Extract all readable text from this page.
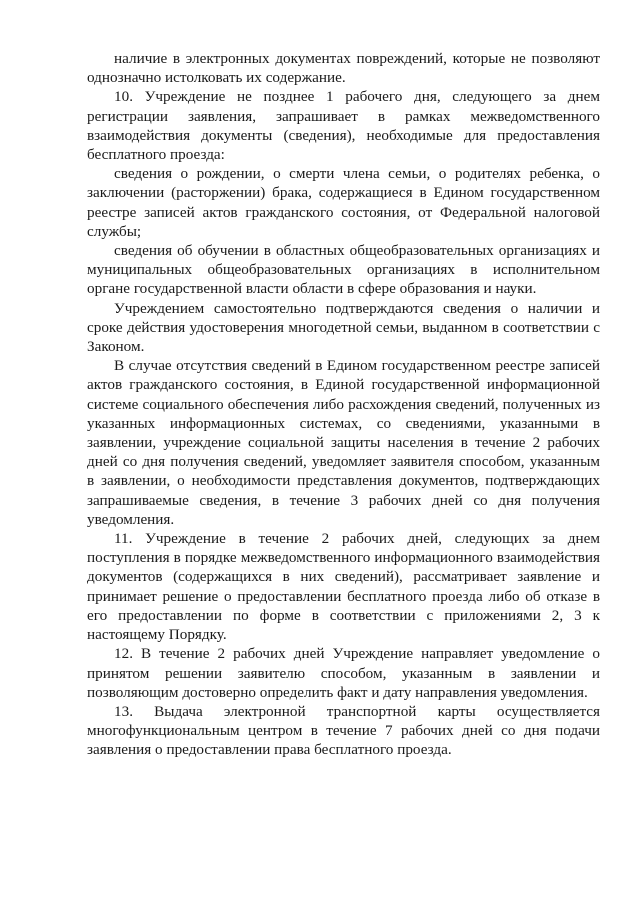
наличие в электронных документах повреждений, которые не позволяют однозначно истолковать их содержание.

10. Учреждение не позднее 1 рабочего дня, следующего за днем регистрации заявления, запрашивает в рамках межведомственного взаимодействия документы (сведения), необходимые для предоставления бесплатного проезда:

сведения о рождении, о смерти члена семьи, о родителях ребенка, о заключении (расторжении) брака, содержащиеся в Едином государственном реестре записей актов гражданского состояния, от Федеральной налоговой службы;

сведения об обучении в областных общеобразовательных организациях и муниципальных общеобразовательных организациях в исполнительном органе государственной власти области в сфере образования и науки.

Учреждением самостоятельно подтверждаются сведения о наличии и сроке действия удостоверения многодетной семьи, выданном в соответствии с Законом.

В случае отсутствия сведений в Едином государственном реестре записей актов гражданского состояния, в Единой государственной информационной системе социального обеспечения либо расхождения сведений, полученных из указанных информационных системах, со сведениями, указанными в заявлении, учреждение социальной защиты населения в течение 2 рабочих дней со дня получения сведений, уведомляет заявителя способом, указанным в заявлении, о необходимости представления документов, подтверждающих запрашиваемые сведения, в течение 3 рабочих дней со дня получения уведомления.

11. Учреждение в течение 2 рабочих дней, следующих за днем поступления в порядке межведомственного информационного взаимодействия документов (содержащихся в них сведений), рассматривает заявление и принимает решение о предоставлении бесплатного проезда либо об отказе в его предоставлении по форме в соответствии с приложениями 2, 3 к настоящему Порядку.

12. В течение 2 рабочих дней Учреждение направляет уведомление о принятом решении заявителю способом, указанным в заявлении и позволяющим достоверно определить факт и дату направления уведомления.

13. Выдача электронной транспортной карты осуществляется многофункциональным центром в течение 7 рабочих дней со дня подачи заявления о предоставлении права бесплатного проезда.
